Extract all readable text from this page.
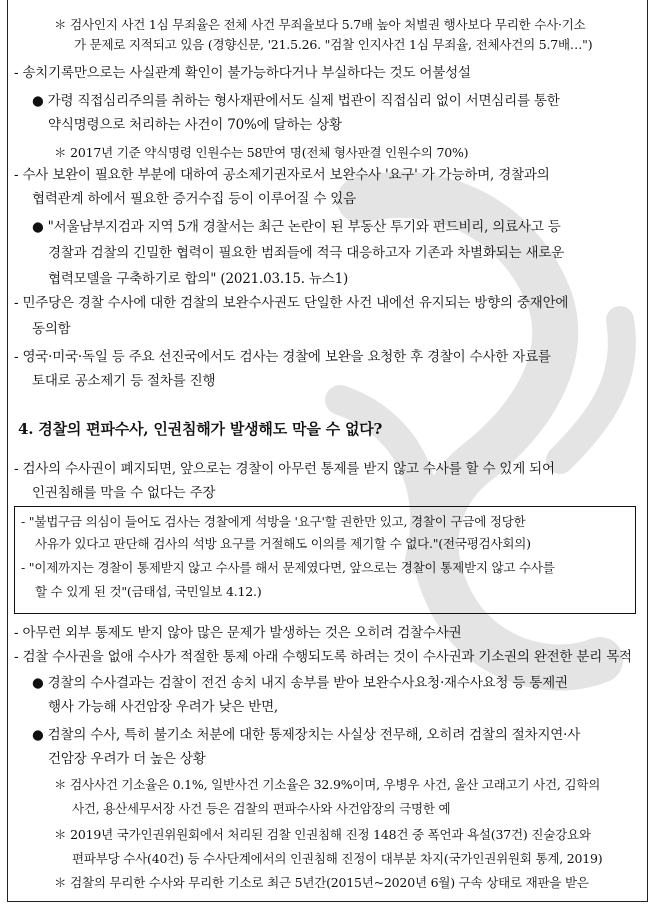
＊ 검사인지 사건 1심 무죄율은 전체 사건 무죄율보다 5.7배 높아 처벌권 행사보다 무리한 수사·기소
가 문제로 지적되고 있음 (경향신문, '21.5.26. "검찰 인지사건 1심 무죄율, 전체사건의 5.7배…")
- 송치기록만으로는 사실관계 확인이 불가능하다거나 부실하다는 것도 어불성설
● 가령 직접심리주의를 취하는 형사재판에서도 실제 법관이 직접심리 없이 서면심리를 통한
약식명령으로 처리하는 사건이 70%에 달하는 상황
＊ 2017년 기준 약식명령 인원수는 58만여 명(전체 형사판결 인원수의 70%)
- 수사 보완이 필요한 부분에 대하여 공소제기권자로서 보완수사 '요구' 가 가능하며, 경찰과의
협력관계 하에서 필요한 증거수집 등이 이루어질 수 있음
● "서울남부지검과 지역 5개 경찰서는 최근 논란이 된 부동산 투기와 펀드비리, 의료사고 등
경찰과 검찰의 긴밀한 협력이 필요한 범죄들에 적극 대응하고자 기존과 차별화되는 새로운
협력모델을 구축하기로 합의" (2021.03.15. 뉴스1)
- 민주당은 경찰 수사에 대한 검찰의 보완수사권도 단일한 사건 내에선 유지되는 방향의 중재안에
동의함
- 영국·미국·독일 등 주요 선진국에서도 검사는 경찰에 보완을 요청한 후 경찰이 수사한 자료를
토대로 공소제기 등 절차를 진행
4. 경찰의 편파수사, 인권침해가 발생해도 막을 수 없다?
- 검사의 수사권이 폐지되면, 앞으로는 경찰이 아무런 통제를 받지 않고 수사를 할 수 있게 되어
인권침해를 막을 수 없다는 주장
- "불법구금 의심이 들어도 검사는 경찰에게 석방을 '요구'할 권한만 있고, 경찰이 구금에 정당한
사유가 있다고 판단해 검사의 석방 요구를 거절해도 이의를 제기할 수 없다."(전국평검사회의)
- "이제까지는 경찰이 통제받지 않고 수사를 해서 문제였다면, 앞으로는 경찰이 통제받지 않고 수사를
할 수 있게 된 것"(금태섭, 국민일보 4.12.)
- 아무런 외부 통제도 받지 않아 많은 문제가 발생하는 것은 오히려 검찰수사권
- 검찰 수사권을 없애 수사가 적절한 통제 아래 수행되도록 하려는 것이 수사권과 기소권의 완전한 분리 목적
● 경찰의 수사결과는 검찰이 전건 송치 내지 송부를 받아 보완수사요청·재수사요청 등 통제권
행사 가능해 사건암장 우려가 낮은 반면,
● 검찰의 수사, 특히 불기소 처분에 대한 통제장치는 사실상 전무해, 오히려 검찰의 절차지연·사
건암장 우려가 더 높은 상황
＊ 검사사건 기소율은 0.1%, 일반사건 기소율은 32.9%이며, 우병우 사건, 울산 고래고기 사건, 김학의
사건, 용산세무서장 사건 등은 검찰의 편파수사와 사건암장의 극명한 예
＊ 2019년 국가인권위원회에서 처리된 검찰 인권침해 진정 148건 중 폭언과 욕설(37건) 진술강요와
편파부당 수사(40건) 등 수사단계에서의 인권침해 진정이 대부분 차지(국가인권위원회 통계, 2019)
＊ 검찰의 무리한 수사와 무리한 기소로 최근 5년간(2015년~2020년 6월) 구속 상태로 재판을 받은
